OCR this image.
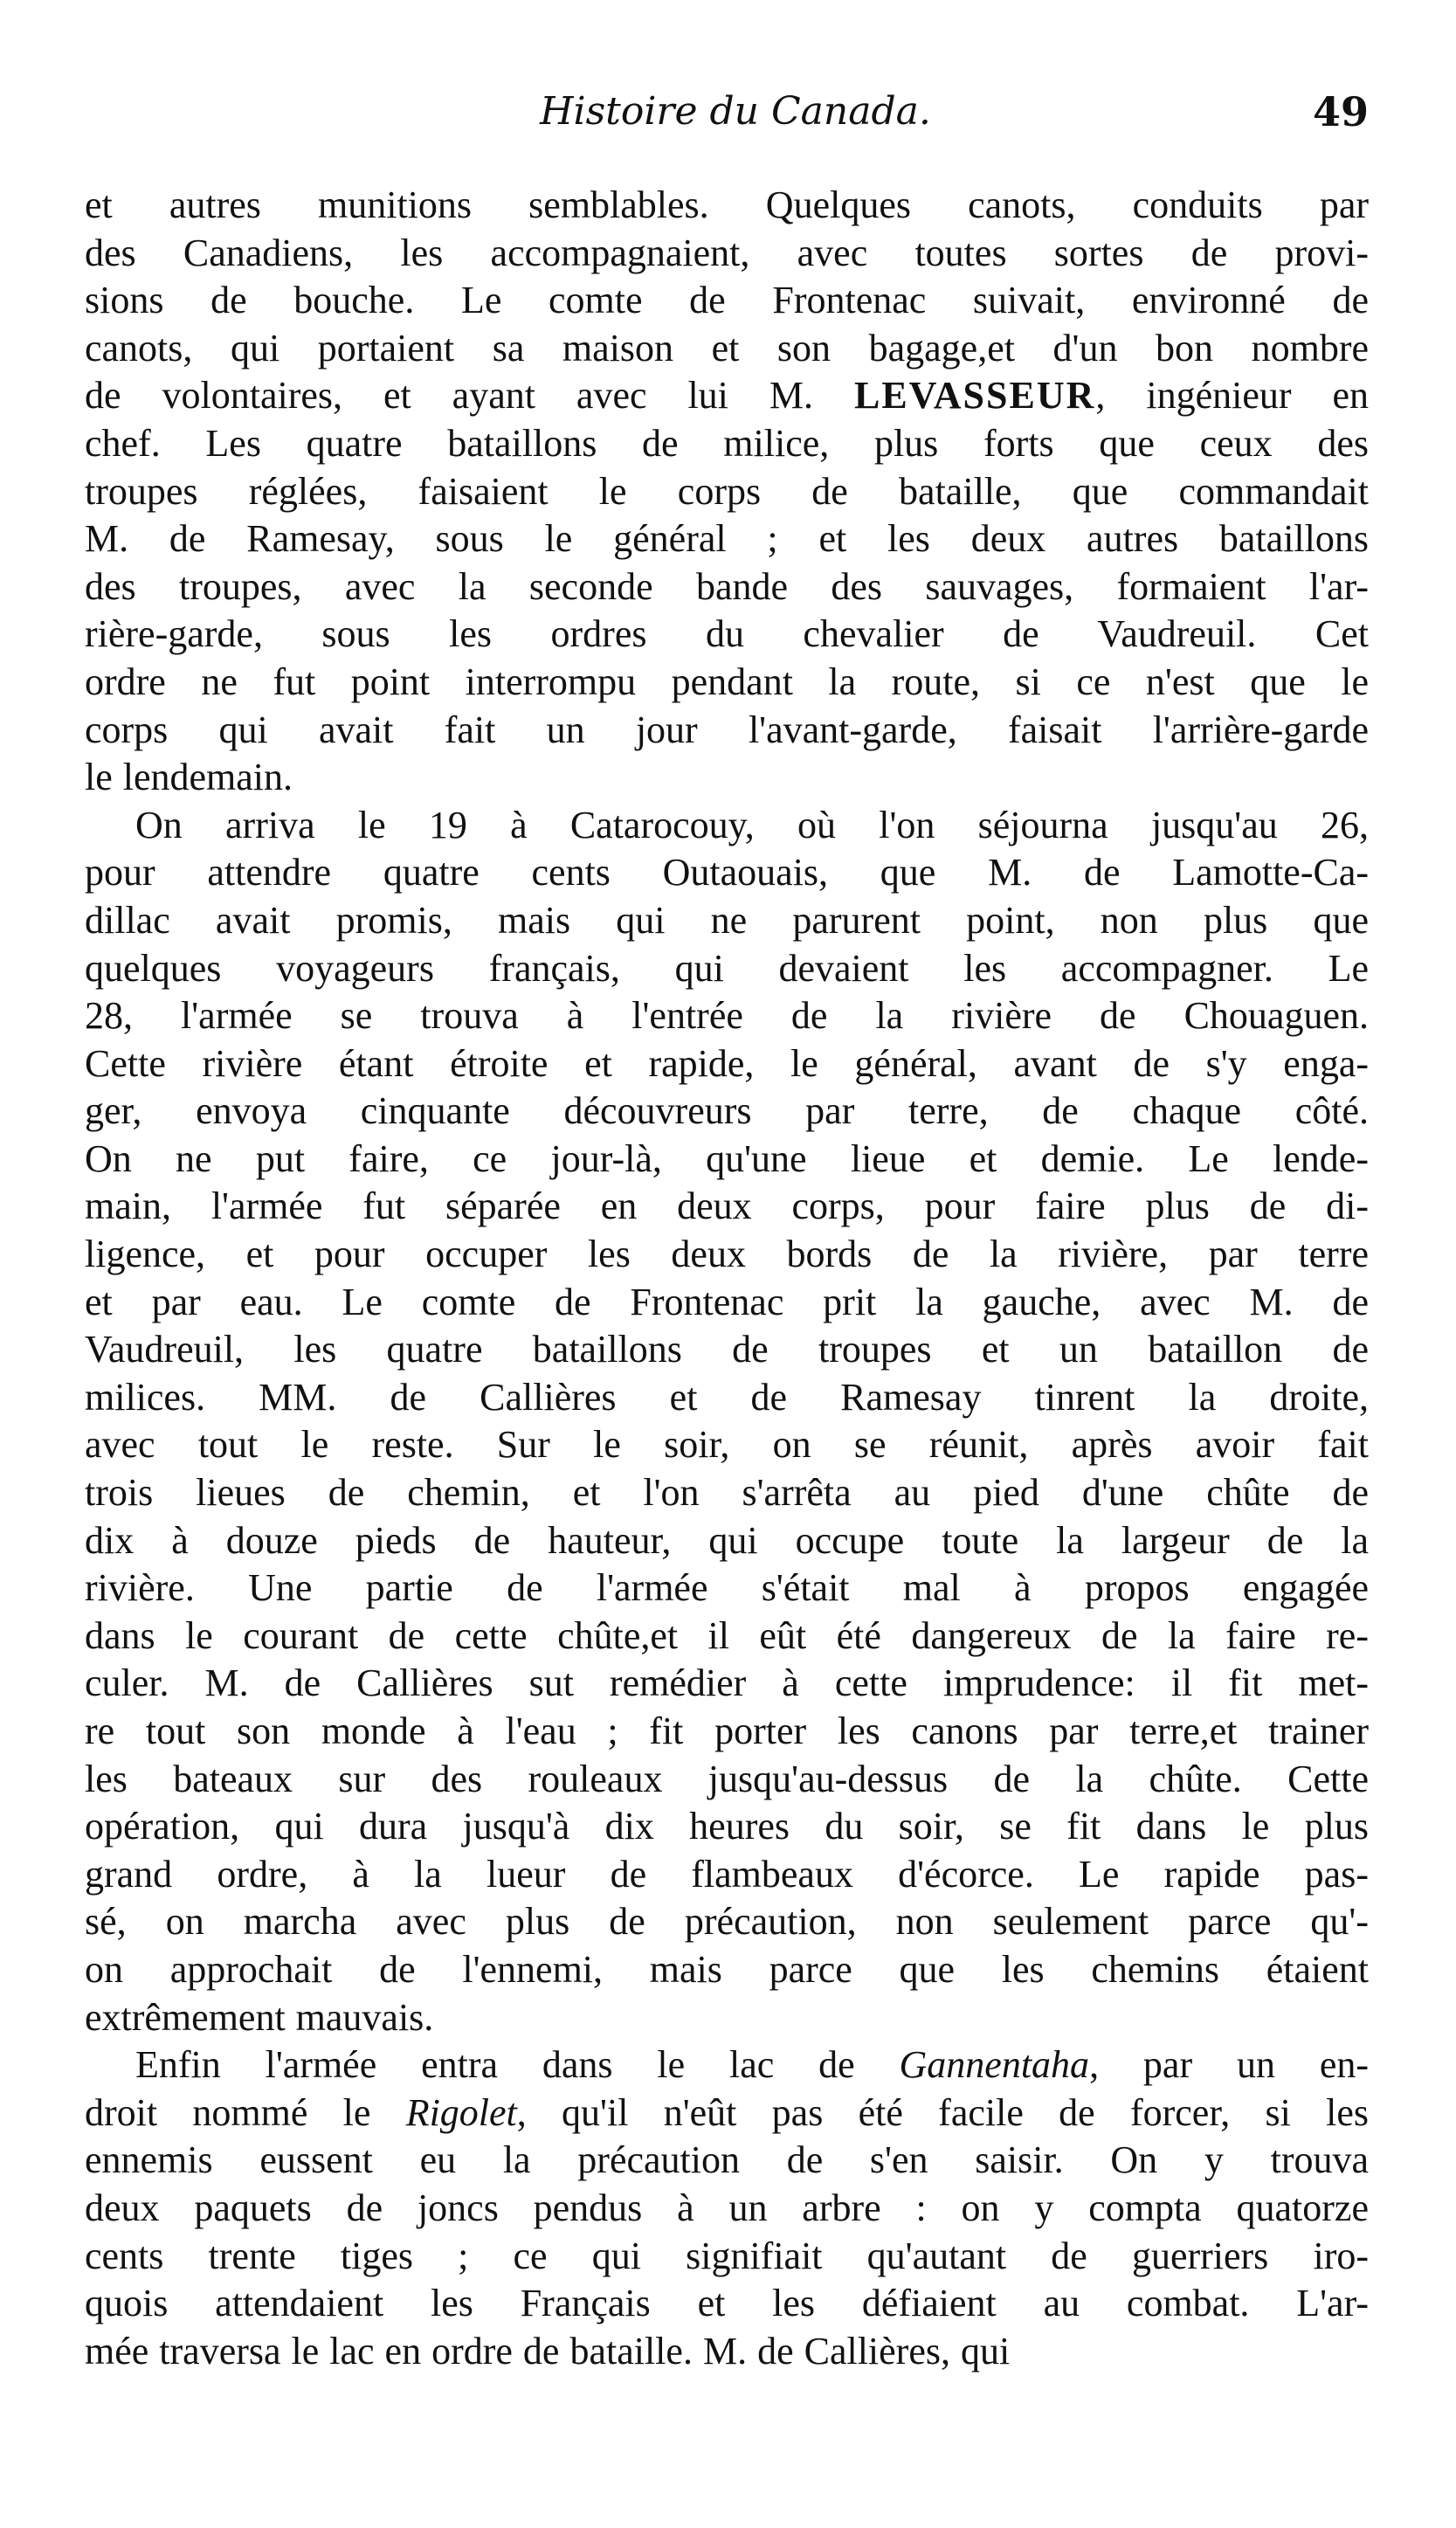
Histoire du Canada.	49
et autres munitions semblables. Quelques canots, conduits par
des Canadiens, les accompagnaient, avec toutes sortes de provi-
sions de bouche. Le comte de Frontenac suivait, environné de
canots, qui portaient sa maison et son bagage,et d'un bon nombre
de volontaires, et ayant avec lui M. LEVASSEUR, ingénieur en
chef. Les quatre bataillons de milice, plus forts que ceux des
troupes réglées, faisaient le corps de bataille, que commandait
M. de Ramesay, sous le général ; et les deux autres bataillons
des troupes, avec la seconde bande des sauvages, formaient l'ar-
rière-garde, sous les ordres du chevalier de Vaudreuil. Cet
ordre ne fut point interrompu pendant la route, si ce n'est que le
corps qui avait fait un jour l'avant-garde, faisait l'arrière-garde
le lendemain.
On arriva le 19 à Catarocouy, où l'on séjourna jusqu'au 26,
pour attendre quatre cents Outaouais, que M. de Lamotte-Ca-
dillac avait promis, mais qui ne parurent point, non plus que
quelques voyageurs français, qui devaient les accompagner. Le
28, l'armée se trouva à l'entrée de la rivière de Chouaguen.
Cette rivière étant étroite et rapide, le général, avant de s'y enga-
ger, envoya cinquante découvreurs par terre, de chaque côté.
On ne put faire, ce jour-là, qu'une lieue et demie. Le lende-
main, l'armée fut séparée en deux corps, pour faire plus de di-
ligence, et pour occuper les deux bords de la rivière, par terre
et par eau. Le comte de Frontenac prit la gauche, avec M. de
Vaudreuil, les quatre bataillons de troupes et un bataillon de
milices. MM. de Callières et de Ramesay tinrent la droite,
avec tout le reste. Sur le soir, on se réunit, après avoir fait
trois lieues de chemin, et l'on s'arrêta au pied d'une chûte de
dix à douze pieds de hauteur, qui occupe toute la largeur de la
rivière. Une partie de l'armée s'était mal à propos engagée
dans le courant de cette chûte,et il eût été dangereux de la faire re-
culer. M. de Callières sut remédier à cette imprudence: il fit met-
re tout son monde à l'eau ; fit porter les canons par terre,et trainer
les bateaux sur des rouleaux jusqu'au-dessus de la chûte. Cette
opération, qui dura jusqu'à dix heures du soir, se fit dans le plus
grand ordre, à la lueur de flambeaux d'écorce. Le rapide pas-
sé, on marcha avec plus de précaution, non seulement parce qu'-
on approchait de l'ennemi, mais parce que les chemins étaient
extrêmement mauvais.
Enfin l'armée entra dans le lac de Gannentaha, par un en-
droit nommé le Rigolet, qu'il n'eût pas été facile de forcer, si les
ennemis eussent eu la précaution de s'en saisir. On y trouva
deux paquets de joncs pendus à un arbre : on y compta quatorze
cents trente tiges ; ce qui signifiait qu'autant de guerriers iro-
quois attendaient les Français et les défiaient au combat. L'ar-
mée traversa le lac en ordre de bataille. M. de Callières, qui
